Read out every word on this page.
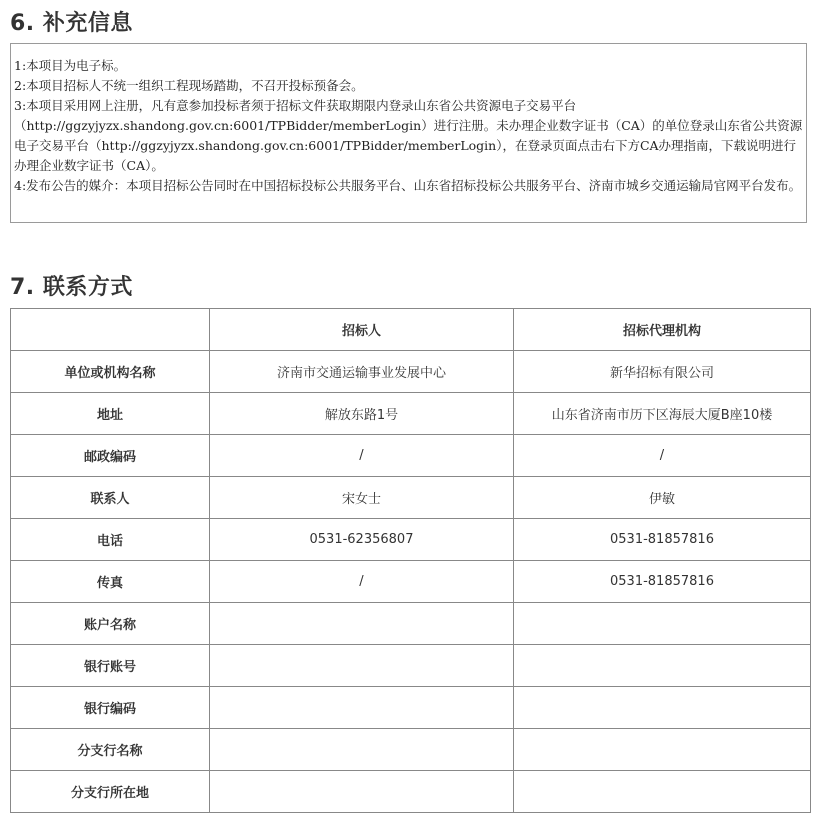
6. 补充信息

1:本项目为电子标。

2:本项目招标人不统一组织工程现场踏勘，不召开投标预备会。

3:本项目采用网上注册，凡有意参加投标者须于招标文件获取期限内登录山东省公共资源电子交易平台（http://ggzyjyzx.shandong.gov.cn:6001/TPBidder/memberLogin）进行注册。未办理企业数字证书（CA）的单位登录山东省公共资源电子交易平台（http://ggzyjyzx.shandong.gov.cn:6001/TPBidder/memberLogin），在登录页面点击右下方CA办理指南，下载说明进行办理企业数字证书（CA）。

4:发布公告的媒介：本项目招标公告同时在中国招标投标公共服务平台、山东省招标投标公共服务平台、济南市城乡交通运输局官网平台发布。

7. 联系方式
	招标人	招标代理机构
单位或机构名称	济南市交通运输事业发展中心	新华招标有限公司
地址	解放东路1号	山东省济南市历下区海辰大厦B座10楼
邮政编码	/	/
联系人	宋女士	伊敏
电话	0531-62356807	0531-81857816
传真	/	0531-81857816
账户名称		
银行账号		
银行编码		
分支行名称		
分支行所在地		
